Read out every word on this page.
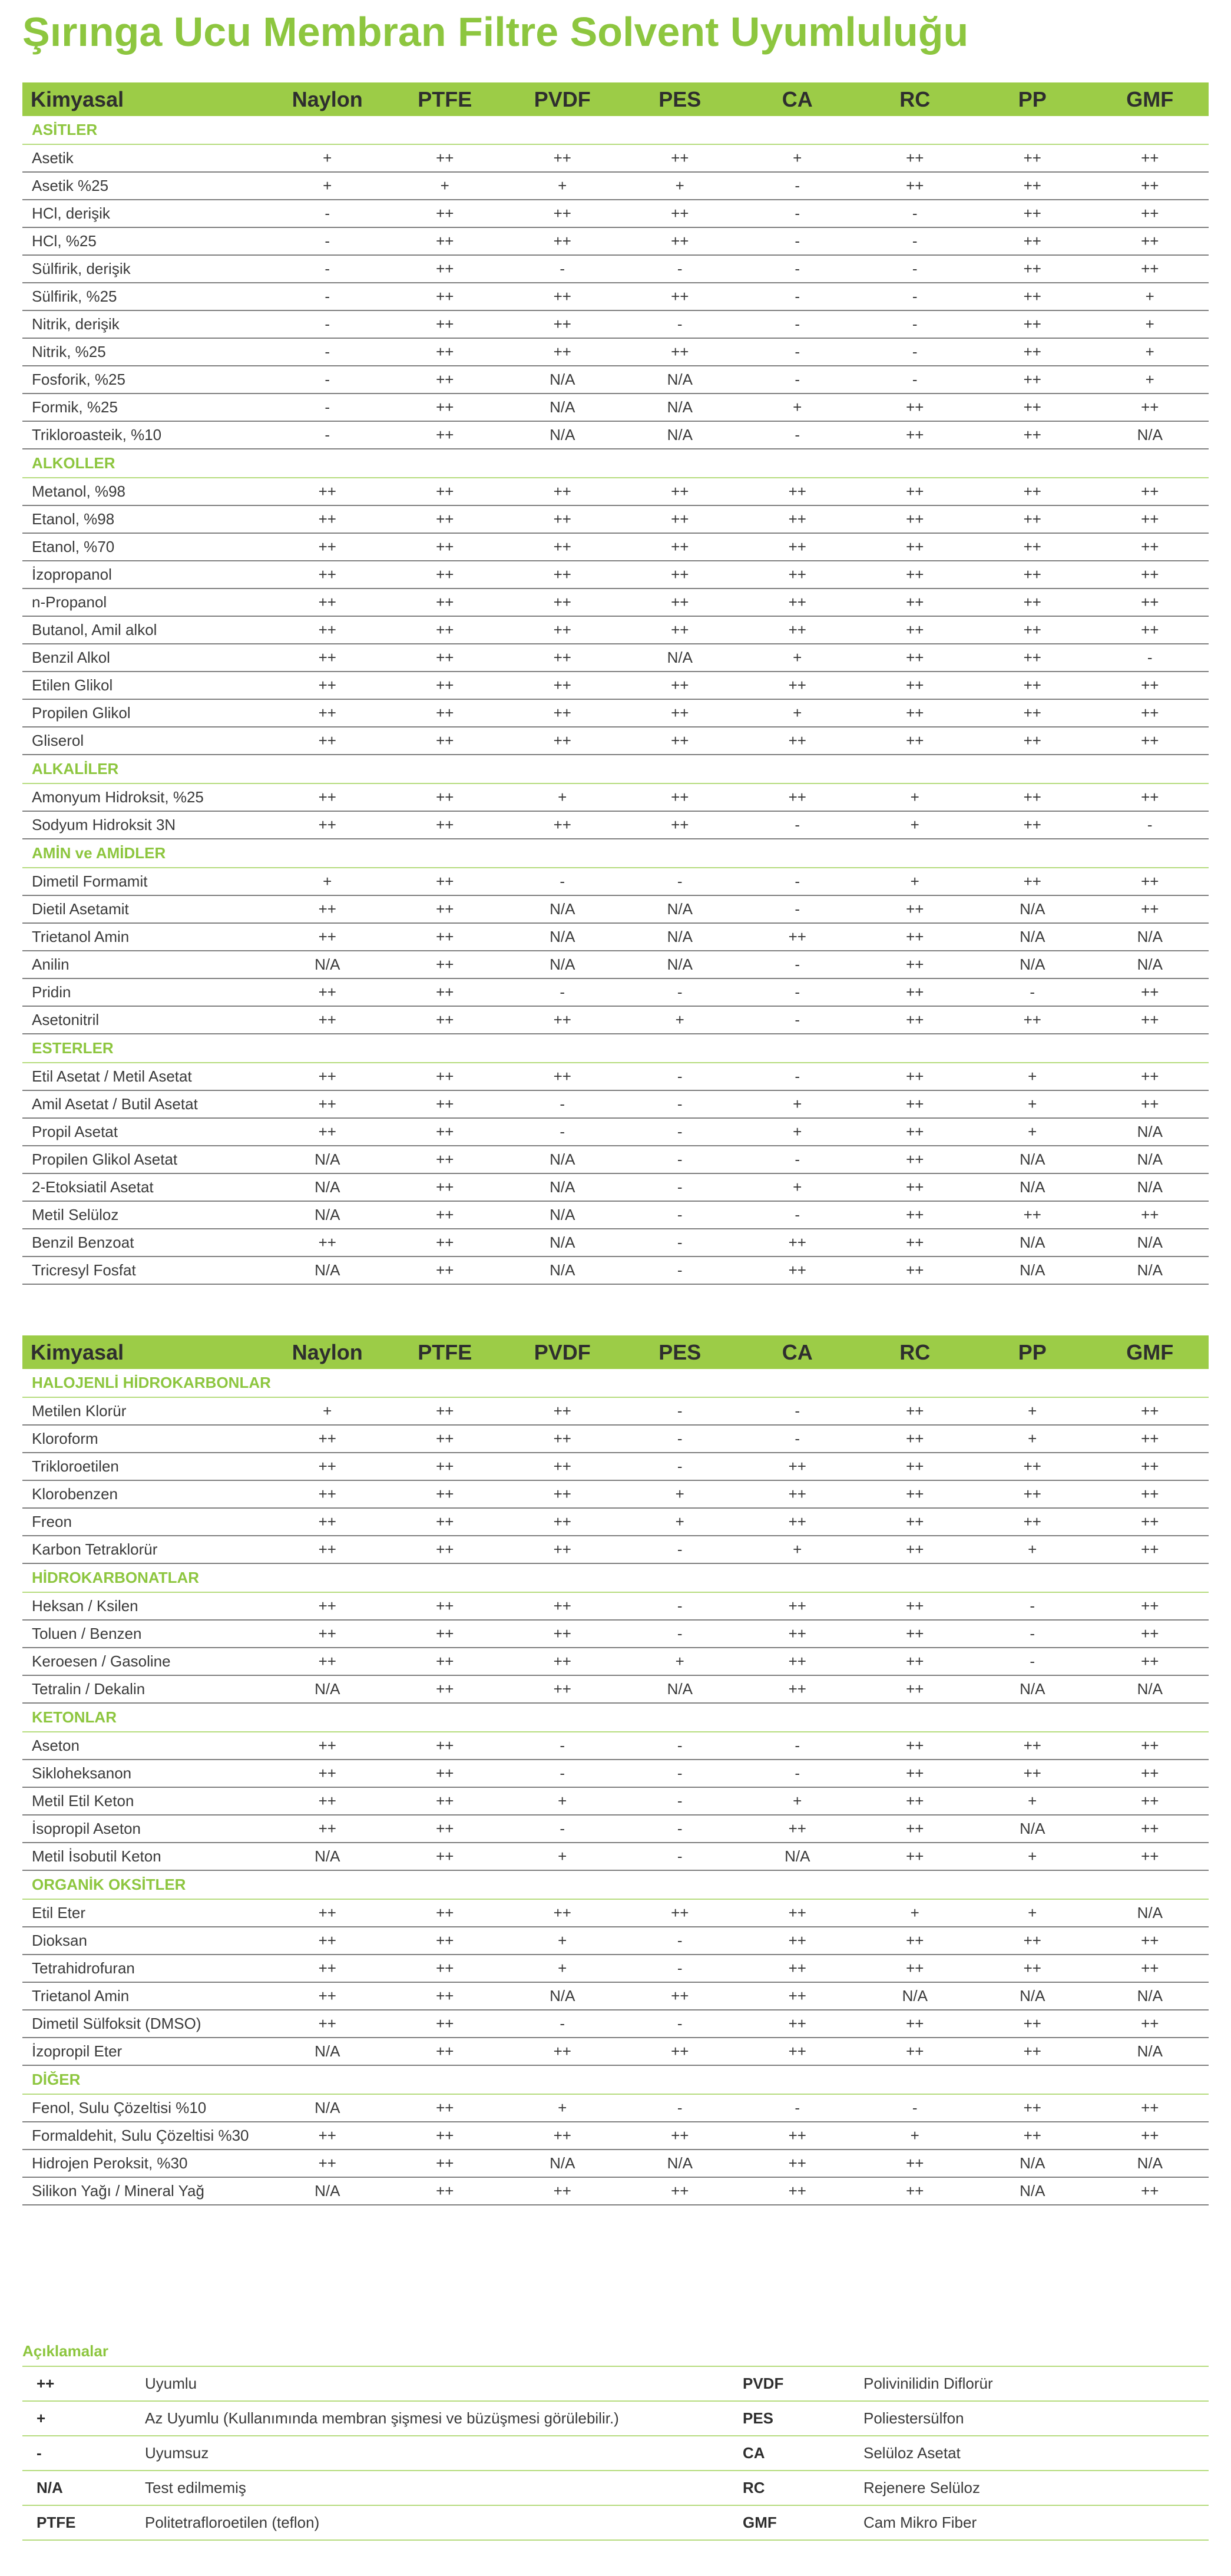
Şırınga Ucu Membran Filtre Solvent Uyumluluğu
Kimyasal	Naylon	PTFE	PVDF	PES	CA	RC	PP	GMF
ASİTLER
Asetik	+	++	++	++	+	++	++	++
Asetik %25	+	+	+	+	-	++	++	++
HCl, derişik	-	++	++	++	-	-	++	++
HCl, %25	-	++	++	++	-	-	++	++
Sülfirik, derişik	-	++	-	-	-	-	++	++
Sülfirik, %25	-	++	++	++	-	-	++	+
Nitrik, derişik	-	++	++	-	-	-	++	+
Nitrik, %25	-	++	++	++	-	-	++	+
Fosforik, %25	-	++	N/A	N/A	-	-	++	+
Formik, %25	-	++	N/A	N/A	+	++	++	++
Trikloroasteik, %10	-	++	N/A	N/A	-	++	++	N/A
ALKOLLER
Metanol, %98	++	++	++	++	++	++	++	++
Etanol, %98	++	++	++	++	++	++	++	++
Etanol, %70	++	++	++	++	++	++	++	++
İzopropanol	++	++	++	++	++	++	++	++
n-Propanol	++	++	++	++	++	++	++	++
Butanol, Amil alkol	++	++	++	++	++	++	++	++
Benzil Alkol	++	++	++	N/A	+	++	++	-
Etilen Glikol	++	++	++	++	++	++	++	++
Propilen Glikol	++	++	++	++	+	++	++	++
Gliserol	++	++	++	++	++	++	++	++
ALKALİLER
Amonyum Hidroksit, %25	++	++	+	++	++	+	++	++
Sodyum Hidroksit 3N	++	++	++	++	-	+	++	-
AMİN ve AMİDLER
Dimetil Formamit	+	++	-	-	-	+	++	++
Dietil Asetamit	++	++	N/A	N/A	-	++	N/A	++
Trietanol Amin	++	++	N/A	N/A	++	++	N/A	N/A
Anilin	N/A	++	N/A	N/A	-	++	N/A	N/A
Pridin	++	++	-	-	-	++	-	++
Asetonitril	++	++	++	+	-	++	++	++
ESTERLER
Etil Asetat / Metil Asetat	++	++	++	-	-	++	+	++
Amil Asetat / Butil Asetat	++	++	-	-	+	++	+	++
Propil Asetat	++	++	-	-	+	++	+	N/A
Propilen Glikol Asetat	N/A	++	N/A	-	-	++	N/A	N/A
2-Etoksiatil Asetat	N/A	++	N/A	-	+	++	N/A	N/A
Metil Selüloz	N/A	++	N/A	-	-	++	++	++
Benzil Benzoat	++	++	N/A	-	++	++	N/A	N/A
Tricresyl Fosfat	N/A	++	N/A	-	++	++	N/A	N/A
Kimyasal	Naylon	PTFE	PVDF	PES	CA	RC	PP	GMF
HALOJENLİ HİDROKARBONLAR
Metilen Klorür	+	++	++	-	-	++	+	++
Kloroform	++	++	++	-	-	++	+	++
Trikloroetilen	++	++	++	-	++	++	++	++
Klorobenzen	++	++	++	+	++	++	++	++
Freon	++	++	++	+	++	++	++	++
Karbon Tetraklorür	++	++	++	-	+	++	+	++
HİDROKARBONATLAR
Heksan / Ksilen	++	++	++	-	++	++	-	++
Toluen / Benzen	++	++	++	-	++	++	-	++
Keroesen / Gasoline	++	++	++	+	++	++	-	++
Tetralin / Dekalin	N/A	++	++	N/A	++	++	N/A	N/A
KETONLAR
Aseton	++	++	-	-	-	++	++	++
Sikloheksanon	++	++	-	-	-	++	++	++
Metil Etil Keton	++	++	+	-	+	++	+	++
İsopropil Aseton	++	++	-	-	++	++	N/A	++
Metil İsobutil Keton	N/A	++	+	-	N/A	++	+	++
ORGANİK OKSİTLER
Etil Eter	++	++	++	++	++	+	+	N/A
Dioksan	++	++	+	-	++	++	++	++
Tetrahidrofuran	++	++	+	-	++	++	++	++
Trietanol Amin	++	++	N/A	++	++	N/A	N/A	N/A
Dimetil Sülfoksit (DMSO)	++	++	-	-	++	++	++	++
İzopropil Eter	N/A	++	++	++	++	++	++	N/A
DİĞER
Fenol, Sulu Çözeltisi %10	N/A	++	+	-	-	-	++	++
Formaldehit, Sulu Çözeltisi %30	++	++	++	++	++	+	++	++
Hidrojen Peroksit, %30	++	++	N/A	N/A	++	++	N/A	N/A
Silikon Yağı / Mineral Yağ	N/A	++	++	++	++	++	N/A	++
Açıklamalar
++	Uyumlu	PVDF	Polivinilidin Diflorür
+	Az Uyumlu (Kullanımında membran şişmesi ve büzüşmesi görülebilir.)	PES	Poliestersülfon
-	Uyumsuz	CA	Selüloz Asetat
N/A	Test edilmemiş	RC	Rejenere Selüloz
PTFE	Politetrafloroetilen (teflon)	GMF	Cam Mikro Fiber
